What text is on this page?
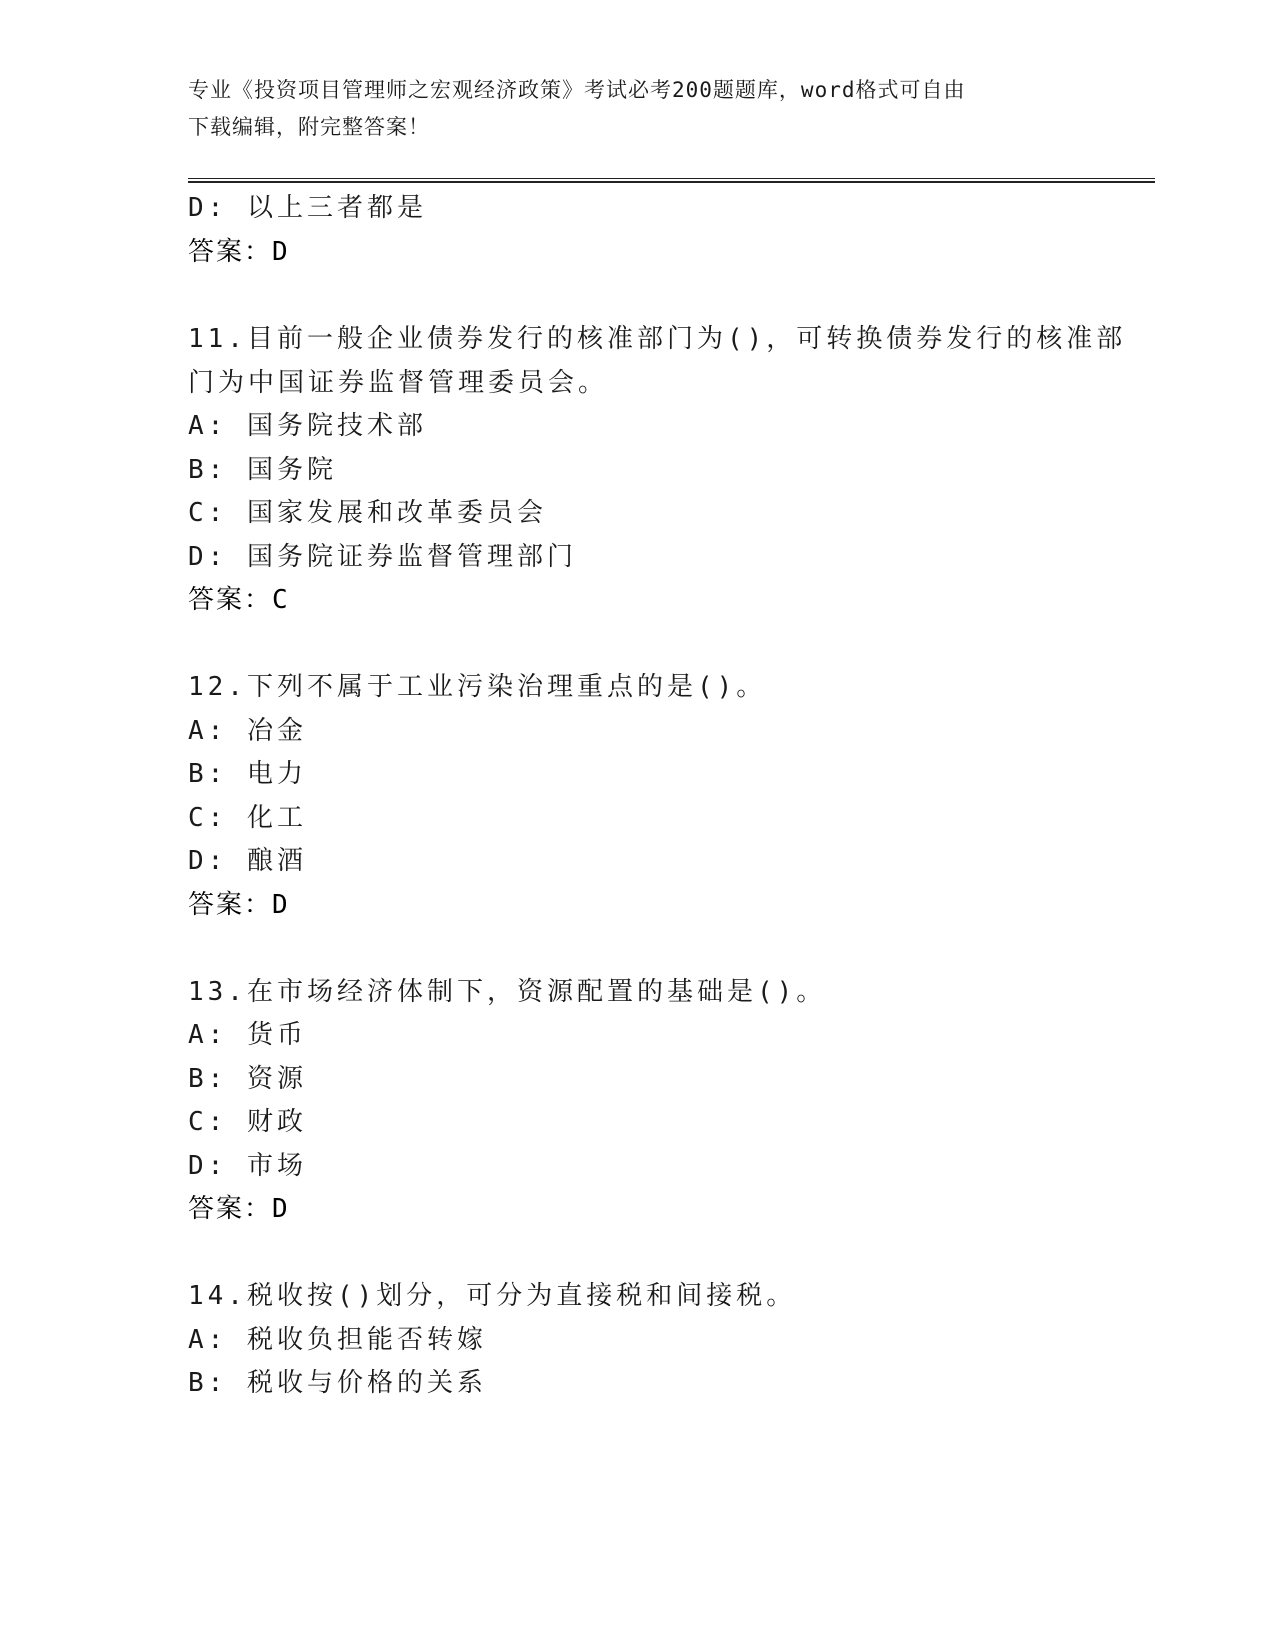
专业《投资项目管理师之宏观经济政策》考试必考200题题库，word格式可自由
下载编辑，附完整答案！
D: 以上三者都是
答案：D
11.目前一般企业债券发行的核准部门为()，可转换债券发行的核准部
门为中国证券监督管理委员会。
A: 国务院技术部
B: 国务院
C: 国家发展和改革委员会
D: 国务院证券监督管理部门
答案：C
12.下列不属于工业污染治理重点的是()。
A: 冶金
B: 电力
C: 化工
D: 酿酒
答案：D
13.在市场经济体制下，资源配置的基础是()。
A: 货币
B: 资源
C: 财政
D: 市场
答案：D
14.税收按()划分，可分为直接税和间接税。
A: 税收负担能否转嫁
B: 税收与价格的关系
